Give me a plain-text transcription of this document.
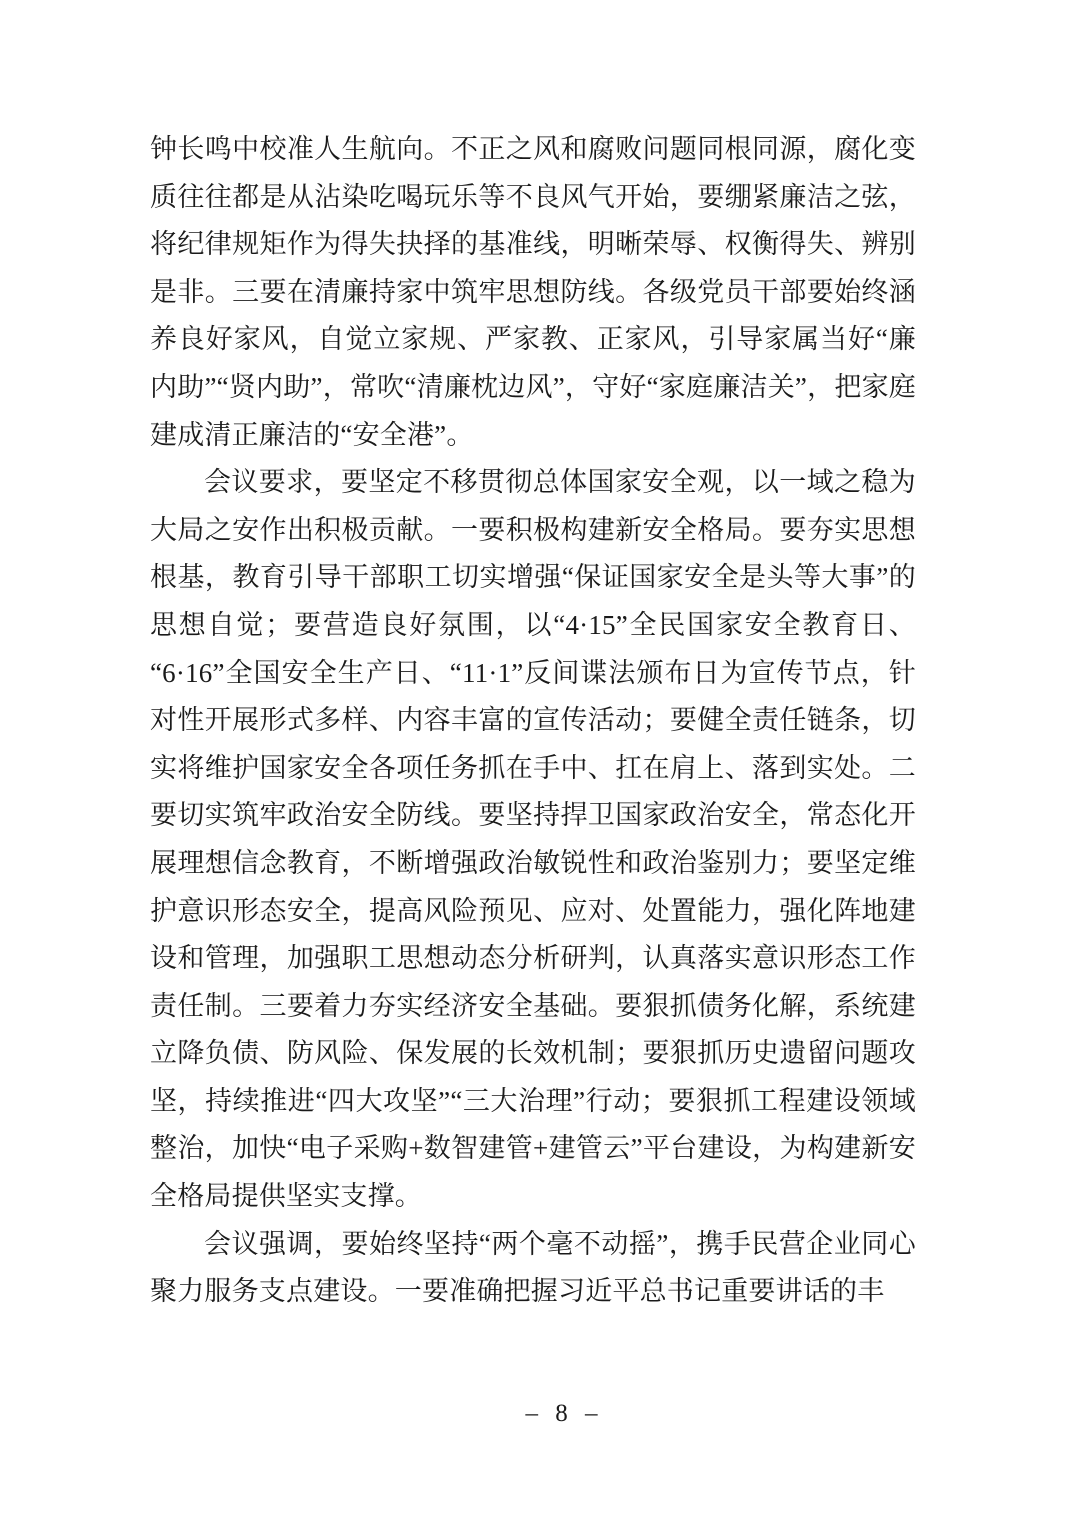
钟长鸣中校准人生航向。不正之风和腐败问题同根同源，腐化变质往往都是从沾染吃喝玩乐等不良风气开始，要绷紧廉洁之弦，将纪律规矩作为得失抉择的基准线，明晰荣辱、权衡得失、辨别是非。三要在清廉持家中筑牢思想防线。各级党员干部要始终涵养良好家风，自觉立家规、严家教、正家风，引导家属当好“廉内助”“贤内助”，常吹“清廉枕边风”，守好“家庭廉洁关”，把家庭建成清正廉洁的“安全港”。

会议要求，要坚定不移贯彻总体国家安全观，以一域之稳为大局之安作出积极贡献。一要积极构建新安全格局。要夯实思想根基，教育引导干部职工切实增强“保证国家安全是头等大事”的思想自觉；要营造良好氛围，以“4·15”全民国家安全教育日、“6·16”全国安全生产日、“11·1”反间谍法颁布日为宣传节点，针对性开展形式多样、内容丰富的宣传活动；要健全责任链条，切实将维护国家安全各项任务抓在手中、扛在肩上、落到实处。二要切实筑牢政治安全防线。要坚持捍卫国家政治安全，常态化开展理想信念教育，不断增强政治敏锐性和政治鉴别力；要坚定维护意识形态安全，提高风险预见、应对、处置能力，强化阵地建设和管理，加强职工思想动态分析研判，认真落实意识形态工作责任制。三要着力夯实经济安全基础。要狠抓债务化解，系统建立降负债、防风险、保发展的长效机制；要狠抓历史遗留问题攻坚，持续推进“四大攻坚”“三大治理”行动；要狠抓工程建设领域整治，加快“电子采购+数智建管+建管云”平台建设，为构建新安全格局提供坚实支撑。

会议强调，要始终坚持“两个毫不动摇”，携手民营企业同心聚力服务支点建设。一要准确把握习近平总书记重要讲话的丰

– 8 –
